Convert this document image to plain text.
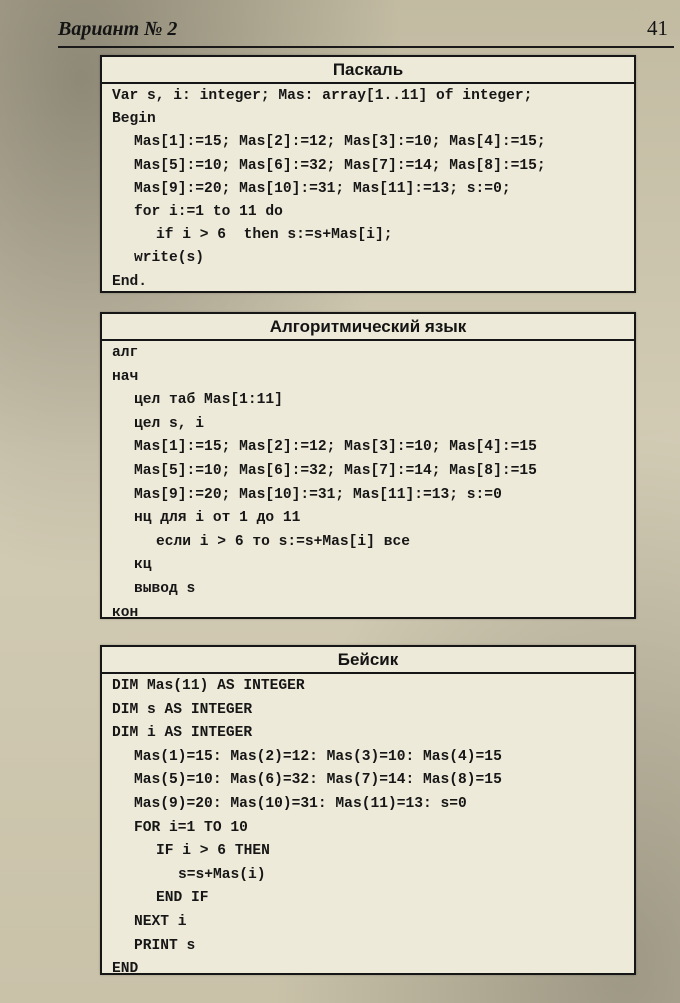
Вариант № 2	41
Паскаль
Var s, i: integer; Mas: array[1..11] of integer;
Begin
Mas[1]:=15; Mas[2]:=12; Mas[3]:=10; Mas[4]:=15;
Mas[5]:=10; Mas[6]:=32; Mas[7]:=14; Mas[8]:=15;
Mas[9]:=20; Mas[10]:=31; Mas[11]:=13; s:=0;
for i:=1 to 11 do
if i > 6  then s:=s+Mas[i];
write(s)
End.
Алгоритмический язык
алг
нач
цел таб Mas[1:11]
цел s, i
Mas[1]:=15; Mas[2]:=12; Mas[3]:=10; Mas[4]:=15
Mas[5]:=10; Mas[6]:=32; Mas[7]:=14; Mas[8]:=15
Mas[9]:=20; Mas[10]:=31; Mas[11]:=13; s:=0
нц для i от 1 до 11
если i > 6 то s:=s+Mas[i] все
кц
вывод s
кон
Бейсик
DIM Mas(11) AS INTEGER
DIM s AS INTEGER
DIM i AS INTEGER
Mas(1)=15: Mas(2)=12: Mas(3)=10: Mas(4)=15
Mas(5)=10: Mas(6)=32: Mas(7)=14: Mas(8)=15
Mas(9)=20: Mas(10)=31: Mas(11)=13: s=0
FOR i=1 TO 10
IF i > 6 THEN
s=s+Mas(i)
END IF
NEXT i
PRINT s
END
